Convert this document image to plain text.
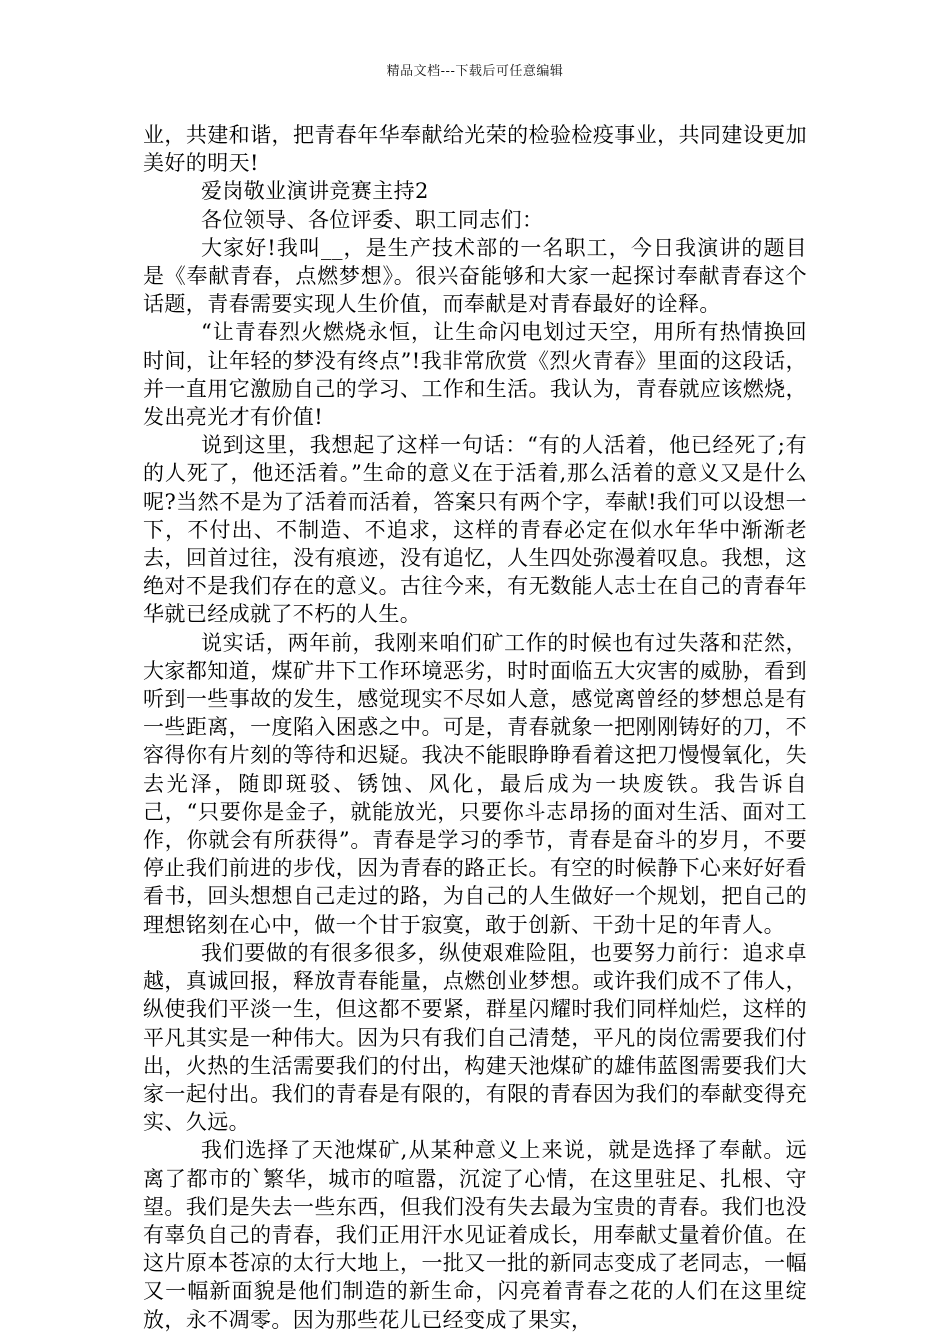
精品文档---下载后可任意编辑

业，共建和谐，把青春年华奉献给光荣的检验检疫事业，共同建设更加美好的明天!

爱岗敬业演讲竞赛主持2

各位领导、各位评委、职工同志们：

大家好!我叫__，是生产技术部的一名职工，今日我演讲的题目是《奉献青春，点燃梦想》。很兴奋能够和大家一起探讨奉献青春这个话题，青春需要实现人生价值，而奉献是对青春最好的诠释。

“让青春烈火燃烧永恒，让生命闪电划过天空，用所有热情换回时间，让年轻的梦没有终点”!我非常欣赏《烈火青春》里面的这段话，并一直用它激励自己的学习、工作和生活。我认为，青春就应该燃烧，发出亮光才有价值!

说到这里，我想起了这样一句话：“有的人活着，他已经死了;有的人死了，他还活着。”生命的意义在于活着,那么活着的意义又是什么呢?当然不是为了活着而活着，答案只有两个字，奉献!我们可以设想一下，不付出、不制造、不追求，这样的青春必定在似水年华中渐渐老去，回首过往，没有痕迹，没有追忆，人生四处弥漫着叹息。我想，这绝对不是我们存在的意义。古往今来，有无数能人志士在自己的青春年华就已经成就了不朽的人生。

说实话，两年前，我刚来咱们矿工作的时候也有过失落和茫然，大家都知道，煤矿井下工作环境恶劣，时时面临五大灾害的威胁，看到听到一些事故的发生，感觉现实不尽如人意，感觉离曾经的梦想总是有一些距离，一度陷入困惑之中。可是，青春就象一把刚刚铸好的刀，不容得你有片刻的等待和迟疑。我决不能眼睁睁看着这把刀慢慢氧化，失去光泽，随即斑驳、锈蚀、风化，最后成为一块废铁。我告诉自己，“只要你是金子，就能放光，只要你斗志昂扬的面对生活、面对工作，你就会有所获得”。青春是学习的季节，青春是奋斗的岁月，不要停止我们前进的步伐，因为青春的路正长。有空的时候静下心来好好看看书，回头想想自己走过的路，为自己的人生做好一个规划，把自己的理想铭刻在心中，做一个甘于寂寞，敢于创新、干劲十足的年青人。

我们要做的有很多很多，纵使艰难险阻，也要努力前行：追求卓越，真诚回报，释放青春能量，点燃创业梦想。或许我们成不了伟人，纵使我们平淡一生，但这都不要紧，群星闪耀时我们同样灿烂，这样的平凡其实是一种伟大。因为只有我们自己清楚，平凡的岗位需要我们付出，火热的生活需要我们的付出，构建天池煤矿的雄伟蓝图需要我们大家一起付出。我们的青春是有限的，有限的青春因为我们的奉献变得充实、久远。

我们选择了天池煤矿,从某种意义上来说，就是选择了奉献。远离了都市的`繁华，城市的喧嚣，沉淀了心情，在这里驻足、扎根、守望。我们是失去一些东西，但我们没有失去最为宝贵的青春。我们也没有辜负自己的青春，我们正用汗水见证着成长，用奉献丈量着价值。在这片原本苍凉的太行大地上，一批又一批的新同志变成了老同志，一幅又一幅新面貌是他们制造的新生命，闪亮着青春之花的人们在这里绽放，永不凋零。因为那些花儿已经变成了果实，
